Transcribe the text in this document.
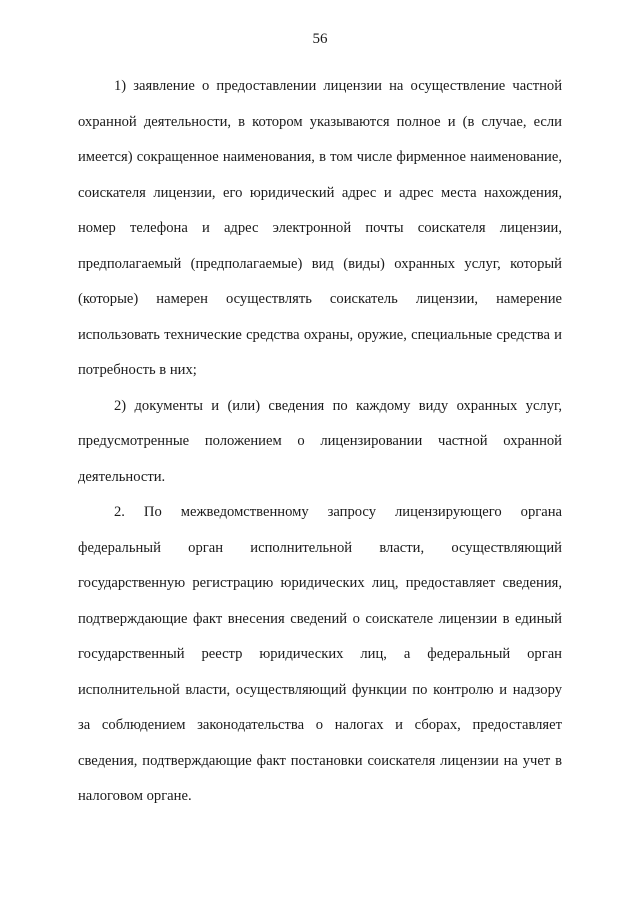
56

1) заявление о предоставлении лицензии на осуществление частной охранной деятельности, в котором указываются полное и (в случае, если имеется) сокращенное наименования, в том числе фирменное наименование, соискателя лицензии, его юридический адрес и адрес места нахождения, номер телефона и адрес электронной почты соискателя лицензии, предполагаемый (предполагаемые) вид (виды) охранных услуг, который (которые) намерен осуществлять соискатель лицензии, намерение использовать технические средства охраны, оружие, специальные средства и потребность в них;

2) документы и (или) сведения по каждому виду охранных услуг, предусмотренные положением о лицензировании частной охранной деятельности.

2. По межведомственному запросу лицензирующего органа федеральный орган исполнительной власти, осуществляющий государственную регистрацию юридических лиц, предоставляет сведения, подтверждающие факт внесения сведений о соискателе лицензии в единый государственный реестр юридических лиц, а федеральный орган исполнительной власти, осуществляющий функции по контролю и надзору за соблюдением законодательства о налогах и сборах, предоставляет сведения, подтверждающие факт постановки соискателя лицензии на учет в налоговом органе.
